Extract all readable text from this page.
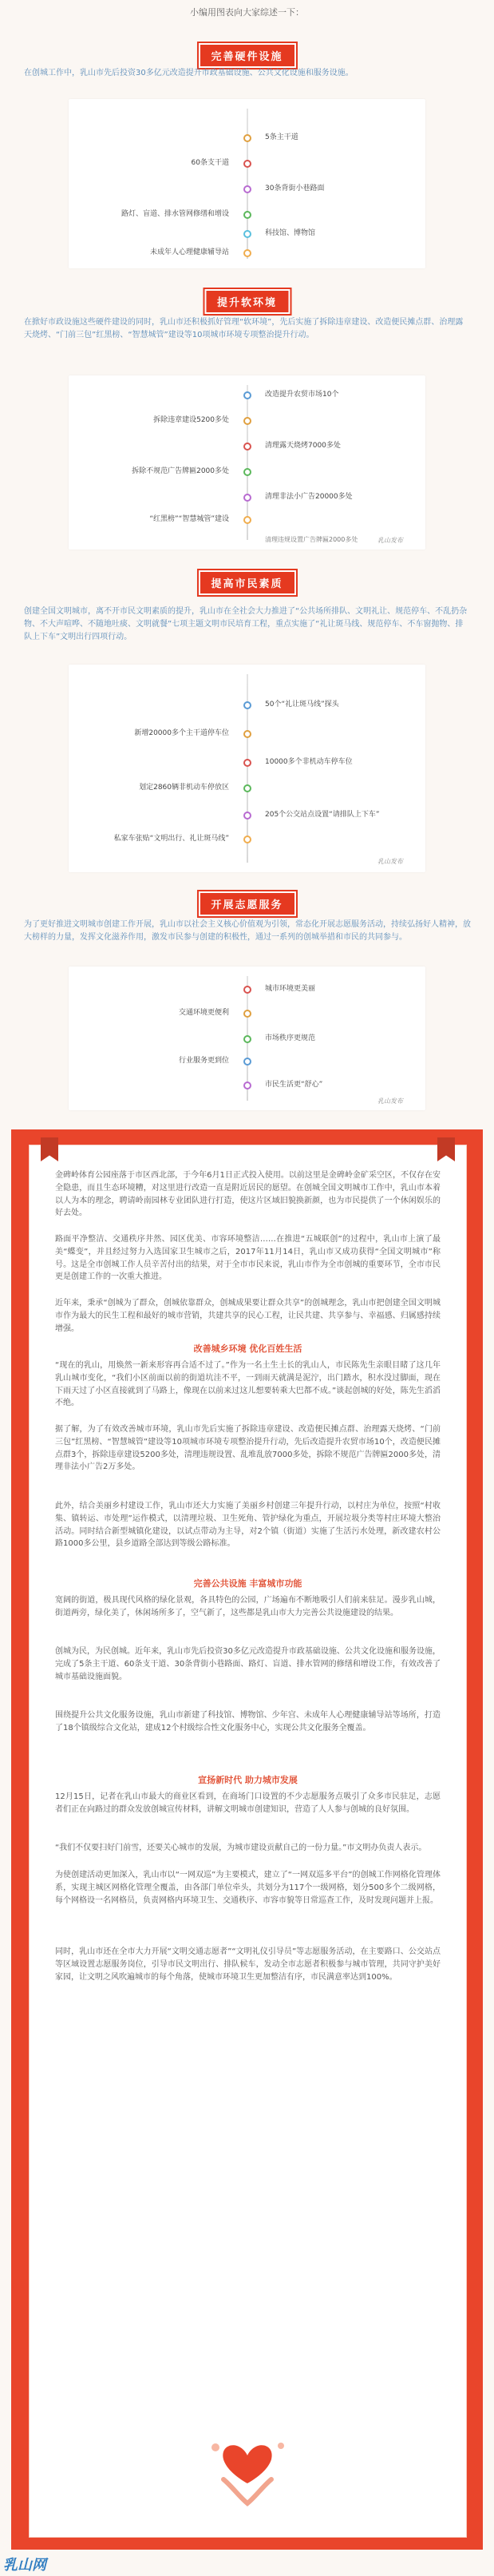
小编用图表向大家综述一下：
完善硬件设施
在创城工作中，乳山市先后投资30多亿元改造提升市政基础设施、公共文化设施和服务设施。
5条主干道
60条支干道
30条背街小巷路面
路灯、盲道、排水管网修缮和增设
科技馆、博物馆
未成年人心理健康辅导站
提升软环境
在掀好市政设施这些硬件建设的同时，乳山市还积极抓好管理“软环境”，先后实施了拆除违章建设、改造便民摊点群、治理露天烧烤、“门前三包”红黑榜、“智慧城管”建设等10项城市环境专项整治提升行动。
改造提升农贸市场10个
拆除违章建设5200多处
清理露天烧烤7000多处
拆除不规范广告牌匾2000多处
清理非法小广告20000多处
“红黑榜”“智慧城管”建设
清理违规设置广告牌匾2000多处	乳山发布
提高市民素质
创建全国文明城市，离不开市民文明素质的提升，乳山市在全社会大力推进了“公共场所排队、文明礼让、规范停车、不乱扔杂物、不大声喧哗、不随地吐痰、文明就餐”七项主题文明市民培育工程，重点实施了“礼让斑马线、规范停车、不车窗抛物、排队上下车”文明出行四项行动。
50个“礼让斑马线”探头
新增20000多个主干道停车位
10000多个非机动车停车位
划定2860辆非机动车停放区
205个公交站点设置“请排队上下车”
私家车张贴“文明出行、礼让斑马线”
乳山发布
开展志愿服务
为了更好推进文明城市创建工作开展，乳山市以社会主义核心价值观为引领，常态化开展志愿服务活动，持续弘扬好人精神，放大榜样的力量，发挥文化滋养作用，激发市民参与创建的积极性，通过一系列的创城举措和市民的共同参与。
城市环境更美丽
交通环境更便利
市场秩序更规范
行业服务更到位
市民生活更“舒心”
乳山发布
金碑岭体育公园座落于市区西北部，于今年6月1日正式投入使用。以前这里是金碑岭金矿采空区，不仅存在安全隐患，而且生态环境糟，对这里进行改造一直是附近居民的愿望。在创城全国文明城市工作中，乳山市本着以人为本的理念，聘请岭南园林专业团队进行打造，使这片区域旧貌换新颜，也为市民提供了一个休闲娱乐的好去处。
路面平净整洁、交通秩序井然、园区优美、市容环境整洁……在推进“五城联创”的过程中，乳山市上演了最美“蝶变”，并且经过努力入选国家卫生城市之后，2017年11月14日，乳山市又成功获得“全国文明城市”称号。这是全市创城工作人员辛苦付出的结果，对于全市市民来说，乳山市作为全市创城的重要环节，全市市民更是创建工作的一次重大推进。
近年来，秉承“创城为了群众，创城依靠群众，创城成果要让群众共享”的创城理念，乳山市把创建全国文明城市作为最大的民生工程和最好的城市营销，共建共享的民心工程，让民共建、共享参与、幸福感、归属感持续增强。
改善城乡环境 优化百姓生活
“现在的乳山，用焕然一新来形容再合适不过了。”作为一名土生土长的乳山人，市民陈先生亲眼目睹了这几年乳山城市变化，“我们小区前面以前的街道坑洼不平，一到雨天就满是泥泞，出门踏水，积水没过脚面，现在下雨天过了小区直接就到了马路上，像现在以前来过这儿想要转乘大巴都不成。”谈起创城的好处，陈先生滔滔不绝。
据了解，为了有效改善城市环境，乳山市先后实施了拆除违章建设、改造便民摊点群、治理露天烧烤、“门前三包”红黑榜、“智慧城管”建设等10项城市环境专项整治提升行动，先后改造提升农贸市场10个，改造便民摊点群3个，拆除违章建设5200多处，清理违规设置、乱堆乱放7000多处，拆除不规范广告牌匾2000多处，清理非法小广告2万多处。
此外，结合美丽乡村建设工作，乳山市还大力实施了美丽乡村创建三年提升行动，以村庄为单位，按照“村收集、镇转运、市处理”运作模式，以清理垃圾、卫生死角、管护绿化为重点，开展垃圾分类等村庄环境大整治活动。同时结合新型城镇化建设，以试点带动为主导，对2个镇（街道）实施了生活污水处理，新改建农村公路1000多公里，县乡道路全部达到等级公路标准。
完善公共设施 丰富城市功能
宽阔的街道，极具现代风格的绿化景观，各具特色的公园，广场遍布不断地吸引人们前来驻足。漫步乳山城，街道两旁，绿化美了，休闲场所多了，空气新了，这些都是乳山市大力完善公共设施建设的结果。
创城为民，为民创城。近年来，乳山市先后投资30多亿元改造提升市政基础设施、公共文化设施和服务设施，完成了5条主干道、60条支干道、30条背街小巷路面、路灯、盲道、排水管网的修缮和增设工作，有效改善了城市基础设施面貌。
围绕提升公共文化服务设施，乳山市新建了科技馆、博物馆、少年宫、未成年人心理健康辅导站等场所，打造了18个镇级综合文化站，建成12个村级综合性文化服务中心，实现公共文化服务全覆盖。
宣扬新时代 助力城市发展
12月15日，记者在乳山市最大的商业区看到，在商场门口设置的不少志愿服务点吸引了众多市民驻足，志愿者们正在向路过的群众发放创城宣传材料，讲解文明城市创建知识，营造了人人参与创城的良好氛围。
“我们不仅要扫好门前雪，还要关心城市的发展，为城市建设贡献自己的一份力量。”市文明办负责人表示。
为使创建活动更加深入，乳山市以“一网双巡”为主要模式，建立了“一网双巡多平台”的创城工作网格化管理体系，实现主城区网格化管理全覆盖，由各部门单位牵头，共划分为117个一级网格，划分500多个二级网格，每个网格设一名网格员，负责网格内环境卫生、交通秩序、市容市貌等日常巡查工作，及时发现问题并上报。
同时，乳山市还在全市大力开展“文明交通志愿者”“文明礼仪引导员”等志愿服务活动，在主要路口、公交站点等区域设置志愿服务岗位，引导市民文明出行、排队候车，发动全市志愿者积极参与城市管理，共同守护美好家园，让文明之风吹遍城市的每个角落，使城市环境卫生更加整洁有序，市民满意率达到100%。
乳山网
